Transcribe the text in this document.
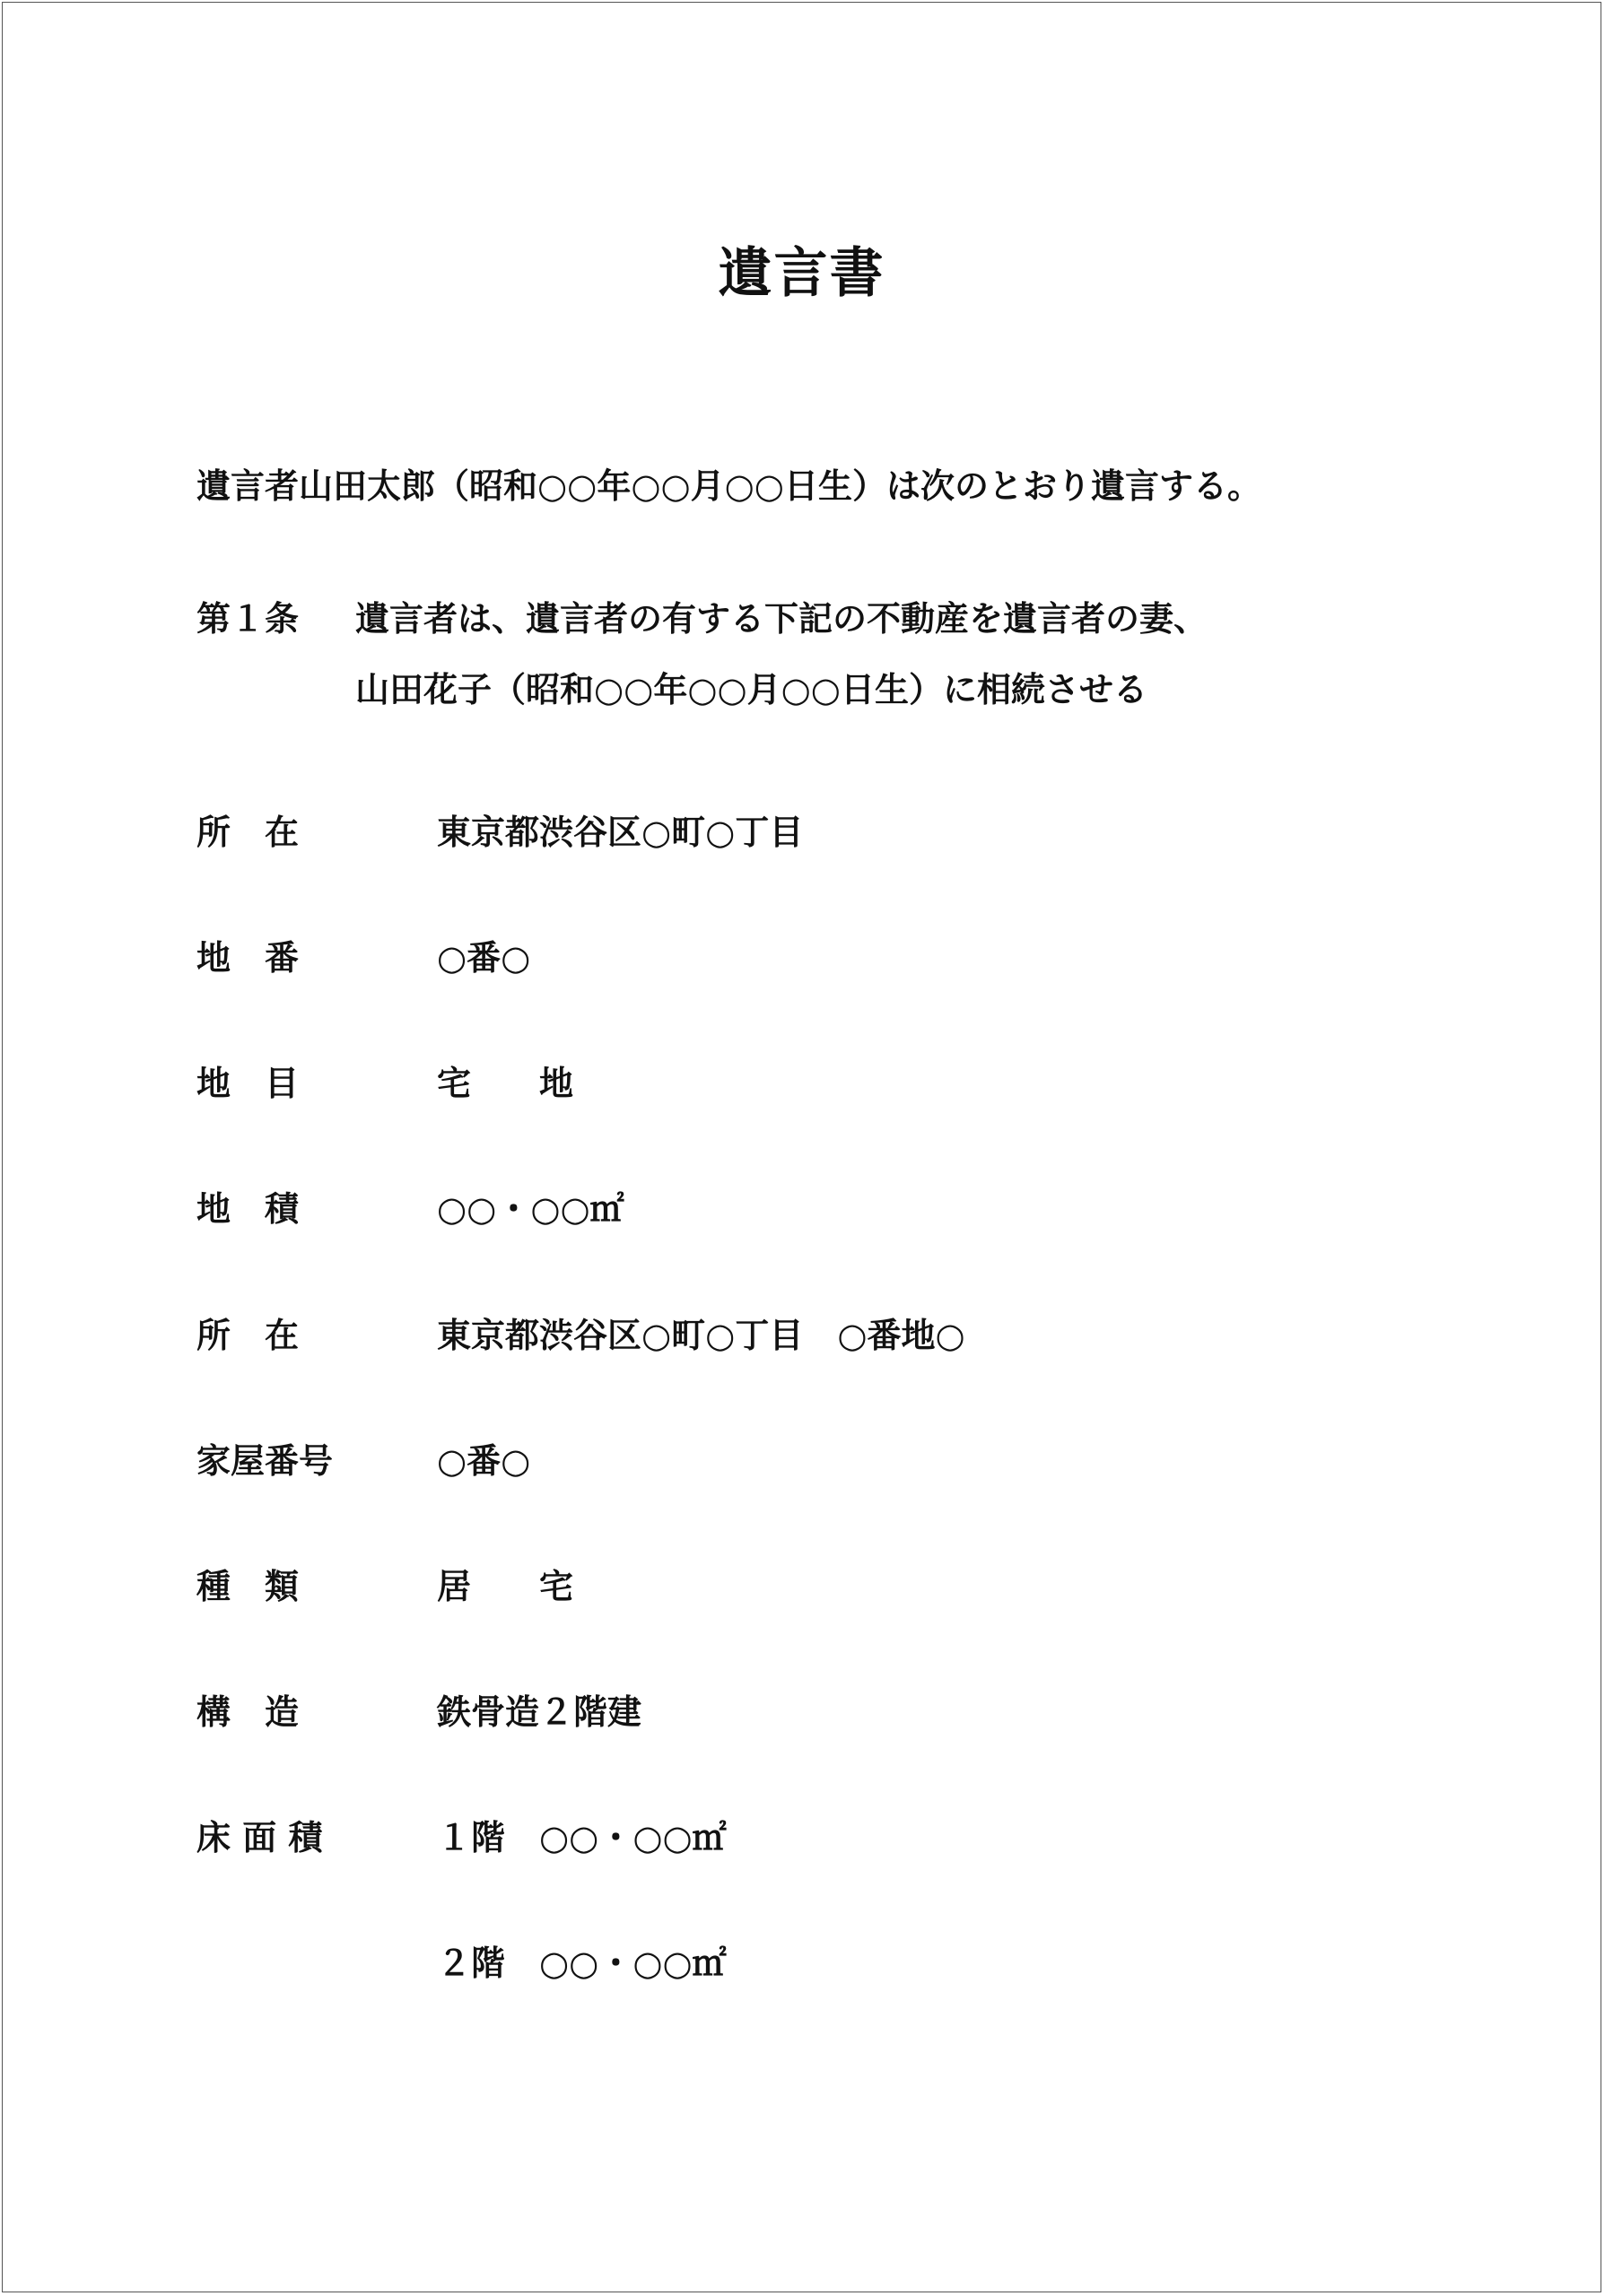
遺言書
遺言者山田太郎（昭和○○年○○月○○日生）は次のとおり遺言する。
第１条 遺言者は、遺言者の有する下記の不動産を遺言者の妻、
山田花子（昭和○○年○○月○○日生）に相続させる
所　在	東京都渋谷区○町○丁目
地　番	○番○
地　目	宅　　地
地　積	○○・○○㎡
所　在	東京都渋谷区○町○丁目　○番地○
家屋番号	○番○
種　類	居　　宅
構　造	鉄骨造２階建
床 面 積	１階　○○・○○㎡
２階　○○・○○㎡
